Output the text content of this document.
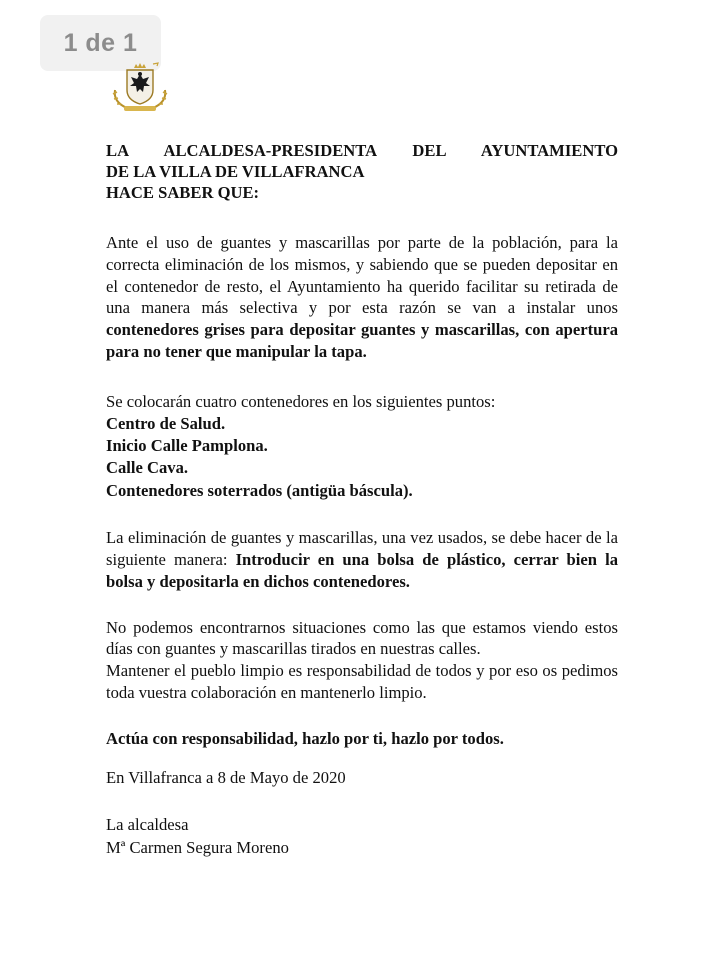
1 de 1

LA ALCALDESA-PRESIDENTA DEL AYUNTAMIENTO
DE LA VILLA DE VILLAFRANCA
HACE SABER QUE:

Ante el uso de guantes y mascarillas por parte de la población, para la correcta eliminación de los mismos, y sabiendo que se pueden depositar en el contenedor de resto, el Ayuntamiento ha querido facilitar su retirada de una manera más selectiva y por esta razón se van a instalar unos contenedores grises para depositar guantes y mascarillas, con apertura para no tener que manipular la tapa.

Se colocarán cuatro contenedores en los siguientes puntos:

Centro de Salud.
Inicio Calle Pamplona.
Calle Cava.
Contenedores soterrados (antigüa báscula).

La eliminación de guantes y mascarillas, una vez usados, se debe hacer de la siguiente manera: Introducir en una bolsa de plástico, cerrar bien la bolsa y depositarla en dichos contenedores.

No podemos encontrarnos situaciones como las que estamos viendo estos días con guantes y mascarillas tirados en nuestras calles.

Mantener el pueblo limpio es responsabilidad de todos y por eso os pedimos toda vuestra colaboración en mantenerlo limpio.

Actúa con responsabilidad, hazlo por ti, hazlo por todos.

En Villafranca a 8 de Mayo de 2020

La alcaldesa
Mª Carmen Segura Moreno
